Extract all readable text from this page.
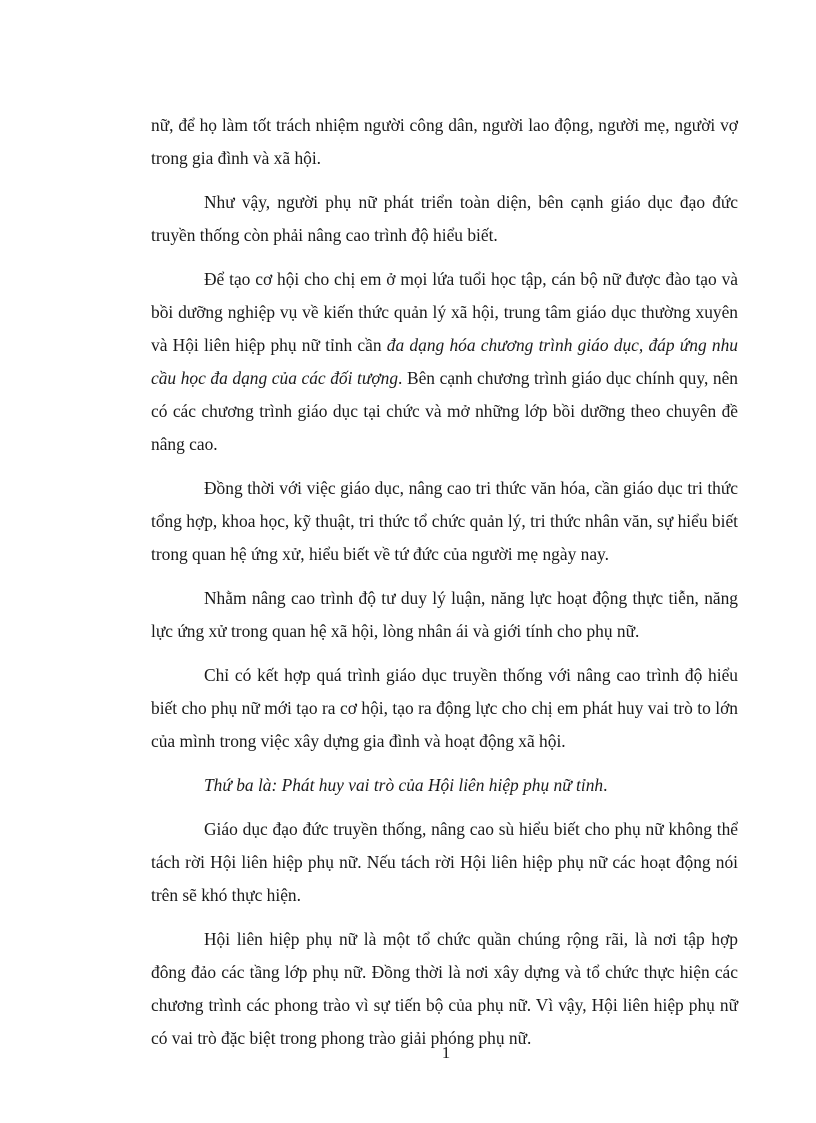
nữ, để họ làm tốt trách nhiệm người công dân, người lao động, người mẹ, người vợ trong gia đình và xã hội.

Như vậy, người phụ nữ phát triển toàn diện, bên cạnh giáo dục đạo đức truyền thống còn phải nâng cao trình độ hiểu biết.

Để tạo cơ hội cho chị em ở mọi lứa tuổi học tập, cán bộ nữ được đào tạo và bồi dưỡng nghiệp vụ về kiến thức quản lý xã hội, trung tâm giáo dục thường xuyên và Hội liên hiệp phụ nữ tỉnh cần đa dạng hóa chương trình giáo dục, đáp ứng nhu cầu học đa dạng của các đối tượng. Bên cạnh chương trình giáo dục chính quy, nên có các chương trình giáo dục tại chức và mở những lớp bồi dưỡng theo chuyên đề nâng cao.

Đồng thời với việc giáo dục, nâng cao tri thức văn hóa, cần giáo dục tri thức tổng hợp, khoa học, kỹ thuật, tri thức tổ chức quản lý, tri thức nhân văn, sự hiểu biết trong quan hệ ứng xử, hiểu biết về tứ đức của người mẹ ngày nay.

Nhằm nâng cao trình độ tư duy lý luận, năng lực hoạt động thực tiễn, năng lực ứng xử trong quan hệ xã hội, lòng nhân ái và giới tính cho phụ nữ.

Chỉ có kết hợp quá trình giáo dục truyền thống với nâng cao trình độ hiểu biết cho phụ nữ mới tạo ra cơ hội, tạo ra động lực cho chị em phát huy vai trò to lớn của mình trong việc xây dựng gia đình và hoạt động xã hội.

Thứ ba là: Phát huy vai trò của Hội liên hiệp phụ nữ tỉnh.

Giáo dục đạo đức truyền thống, nâng cao sù hiểu biết cho phụ nữ không thể tách rời Hội liên hiệp phụ nữ. Nếu tách rời Hội liên hiệp phụ nữ các hoạt động nói trên sẽ khó thực hiện.

Hội liên hiệp phụ nữ là một tổ chức quần chúng rộng rãi, là nơi tập hợp đông đảo các tầng lớp phụ nữ. Đồng thời là nơi xây dựng và tổ chức thực hiện các chương trình các phong trào vì sự tiến bộ của phụ nữ. Vì vậy, Hội liên hiệp phụ nữ có vai trò đặc biệt trong phong trào giải phóng phụ nữ.

1
